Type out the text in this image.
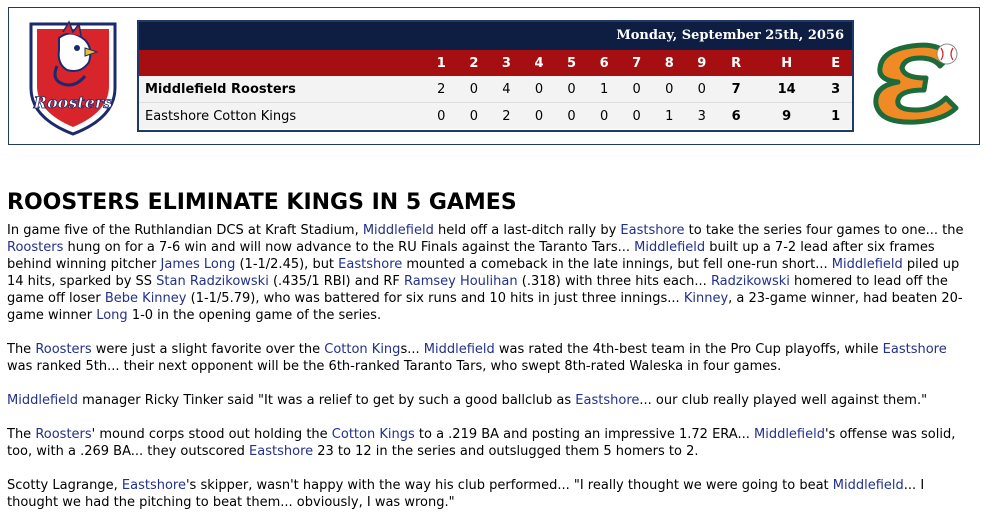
Roosters
Monday, September 25th, 2056
	1	2	3	4	5	6	7	8	9	R	H	E
Middlefield Roosters	2	0	4	0	0	1	0	0	0	7	14	3
Eastshore Cotton Kings	0	0	2	0	0	0	0	1	3	6	9	1
ROOSTERS ELIMINATE KINGS IN 5 GAMES

In game five of the Ruthlandian DCS at Kraft Stadium, Middlefield held off a last-ditch rally by Eastshore to take the series four games to one... the Roosters hung on for a 7-6 win and will now advance to the RU Finals against the Taranto Tars... Middlefield built up a 7-2 lead after six frames behind winning pitcher James Long (1-1/2.45), but Eastshore mounted a comeback in the late innings, but fell one-run short... Middlefield piled up 14 hits, sparked by SS Stan Radzikowski (.435/1 RBI) and RF Ramsey Houlihan (.318) with three hits each... Radzikowski homered to lead off the game off loser Bebe Kinney (1-1/5.79), who was battered for six runs and 10 hits in just three innings... Kinney, a 23-game winner, had beaten 20-game winner Long 1-0 in the opening game of the series.

The Roosters were just a slight favorite over the Cotton Kings... Middlefield was rated the 4th-best team in the Pro Cup playoffs, while Eastshore was ranked 5th... their next opponent will be the 6th-ranked Taranto Tars, who swept 8th-rated Waleska in four games.

Middlefield manager Ricky Tinker said "It was a relief to get by such a good ballclub as Eastshore... our club really played well against them."

The Roosters' mound corps stood out holding the Cotton Kings to a .219 BA and posting an impressive 1.72 ERA... Middlefield's offense was solid, too, with a .269 BA... they outscored Eastshore 23 to 12 in the series and outslugged them 5 homers to 2.

Scotty Lagrange, Eastshore's skipper, wasn't happy with the way his club performed... "I really thought we were going to beat Middlefield... I thought we had the pitching to beat them... obviously, I was wrong."
